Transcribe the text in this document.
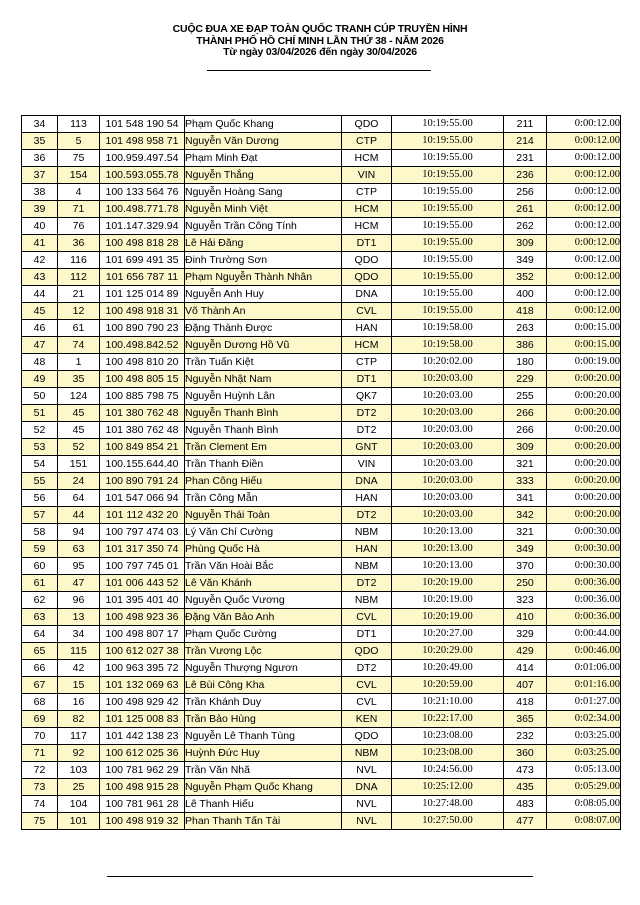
CUỘC ĐUA XE ĐẠP TOÀN QUỐC TRANH CÚP TRUYỀN HÌNH
THÀNH PHỐ HỒ CHÍ MINH LẦN THỨ 38 - NĂM 2026
Từ ngày 03/04/2026 đến ngày 30/04/2026
34	113	101 548 190 54	Phạm Quốc Khang	QDO	10:19:55.00	211	0:00:12.00
35	5	101 498 958 71	Nguyễn Văn Dương	CTP	10:19:55.00	214	0:00:12.00
36	75	100.959.497.54	Phạm Minh Đạt	HCM	10:19:55.00	231	0:00:12.00
37	154	100.593.055.78	Nguyễn Thắng	VIN	10:19:55.00	236	0:00:12.00
38	4	100 133 564 76	Nguyễn Hoàng Sang	CTP	10:19:55.00	256	0:00:12.00
39	71	100.498.771.78	Nguyễn Minh Việt	HCM	10:19:55.00	261	0:00:12.00
40	76	101.147.329.94	Nguyễn Trần Công Tính	HCM	10:19:55.00	262	0:00:12.00
41	36	100 498 818 28	Lê Hải Đăng	DT1	10:19:55.00	309	0:00:12.00
42	116	101 699 491 35	Đinh Trường Sơn	QDO	10:19:55.00	349	0:00:12.00
43	112	101 656 787 11	Phạm Nguyễn Thành Nhân	QDO	10:19:55.00	352	0:00:12.00
44	21	101 125 014 89	Nguyễn Anh Huy	DNA	10:19:55.00	400	0:00:12.00
45	12	100 498 918 31	Võ Thành An	CVL	10:19:55.00	418	0:00:12.00
46	61	100 890 790 23	Đặng Thành Được	HAN	10:19:58.00	263	0:00:15.00
47	74	100.498.842.52	Nguyễn Dương Hồ Vũ	HCM	10:19:58.00	386	0:00:15.00
48	1	100 498 810 20	Trần Tuấn Kiệt	CTP	10:20:02.00	180	0:00:19.00
49	35	100 498 805 15	Nguyễn Nhật Nam	DT1	10:20:03.00	229	0:00:20.00
50	124	100 885 798 75	Nguyễn Huỳnh Lân	QK7	10:20:03.00	255	0:00:20.00
51	45	101 380 762 48	Nguyễn Thanh Bình	DT2	10:20:03.00	266	0:00:20.00
52	45	101 380 762 48	Nguyễn Thanh Bình	DT2	10:20:03.00	266	0:00:20.00
53	52	100 849 854 21	Trần Clement Em	GNT	10:20:03.00	309	0:00:20.00
54	151	100.155.644.40	Trần Thanh Điền	VIN	10:20:03.00	321	0:00:20.00
55	24	100 890 791 24	Phan Công Hiếu	DNA	10:20:03.00	333	0:00:20.00
56	64	101 547 066 94	Trần Công Mẫn	HAN	10:20:03.00	341	0:00:20.00
57	44	101 112 432 20	Nguyễn Thái Toàn	DT2	10:20:03.00	342	0:00:20.00
58	94	100 797 474 03	Lý Văn Chí Cường	NBM	10:20:13.00	321	0:00:30.00
59	63	101 317 350 74	Phùng Quốc Hà	HAN	10:20:13.00	349	0:00:30.00
60	95	100 797 745 01	Trần Văn Hoài Bắc	NBM	10:20:13.00	370	0:00:30.00
61	47	101 006 443 52	Lê Văn Khánh	DT2	10:20:19.00	250	0:00:36.00
62	96	101 395 401 40	Nguyễn Quốc Vương	NBM	10:20:19.00	323	0:00:36.00
63	13	100 498 923 36	Đặng Văn Bảo Anh	CVL	10:20:19.00	410	0:00:36.00
64	34	100 498 807 17	Phạm Quốc Cường	DT1	10:20:27.00	329	0:00:44.00
65	115	100 612 027 38	Trần Vương Lộc	QDO	10:20:29.00	429	0:00:46.00
66	42	100 963 395 72	Nguyễn Thượng Ngươn	DT2	10:20:49.00	414	0:01:06.00
67	15	101 132 069 63	Lê Bùi Công Kha	CVL	10:20:59.00	407	0:01:16.00
68	16	100 498 929 42	Trần Khánh Duy	CVL	10:21:10.00	418	0:01:27.00
69	82	101 125 008 83	Trần Bảo Hùng	KEN	10:22:17.00	365	0:02:34.00
70	117	101 442 138 23	Nguyễn Lê Thanh Tùng	QDO	10:23:08.00	232	0:03:25.00
71	92	100 612 025 36	Huỳnh Đức Huy	NBM	10:23:08.00	360	0:03:25.00
72	103	100 781 962 29	Trần Văn Nhã	NVL	10:24:56.00	473	0:05:13.00
73	25	100 498 915 28	Nguyễn Phạm Quốc Khang	DNA	10:25:12.00	435	0:05:29.00
74	104	100 781 961 28	Lê Thanh Hiếu	NVL	10:27:48.00	483	0:08:05.00
75	101	100 498 919 32	Phan Thanh Tấn Tài	NVL	10:27:50.00	477	0:08:07.00
